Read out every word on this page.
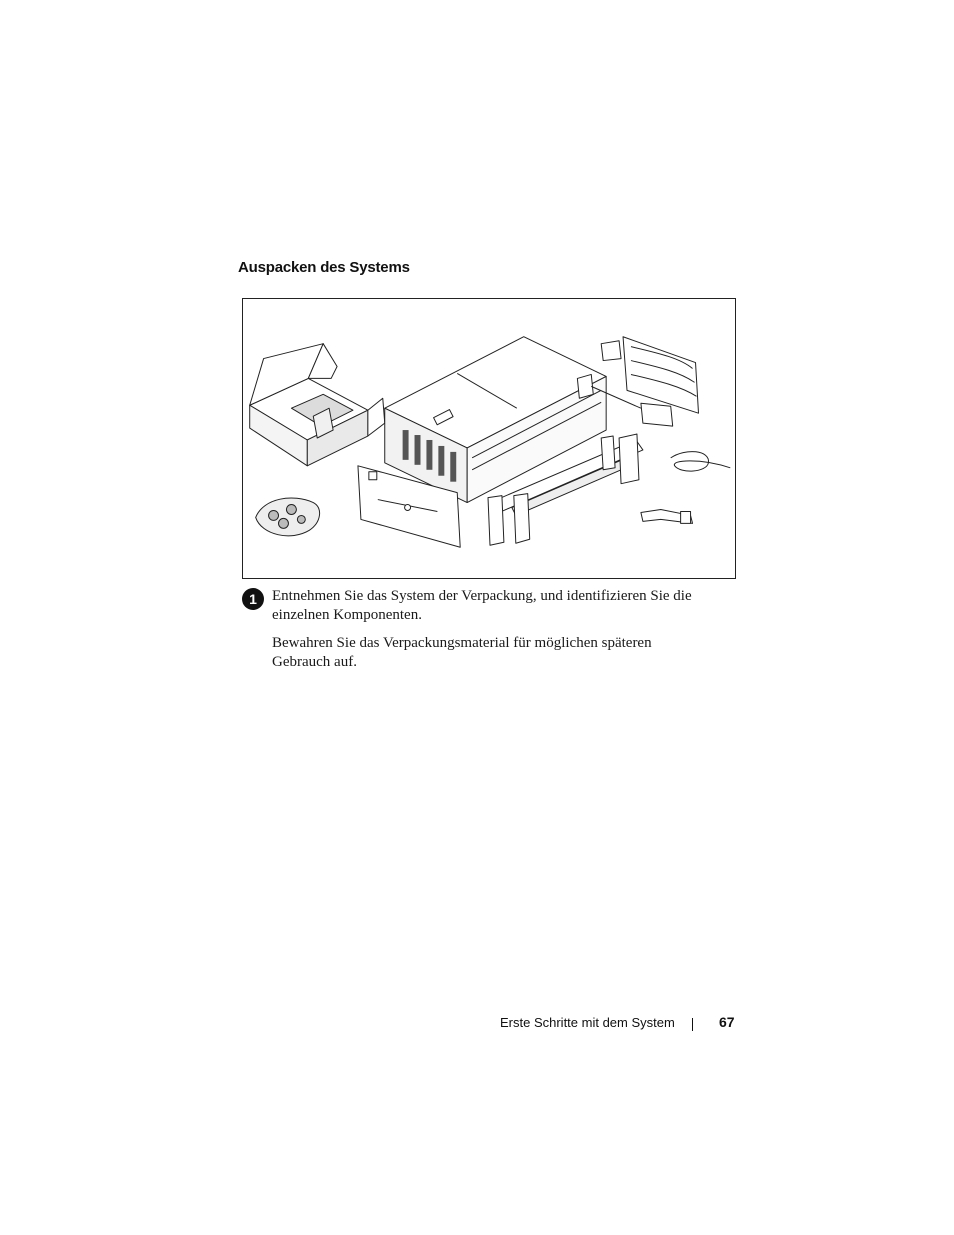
Auspacken des Systems
1	Entnehmen Sie das System der Verpackung, und identifizieren Sie die einzelnen Komponenten.
Bewahren Sie das Verpackungsmaterial für möglichen späteren Gebrauch auf.
Erste Schritte mit dem System	67
